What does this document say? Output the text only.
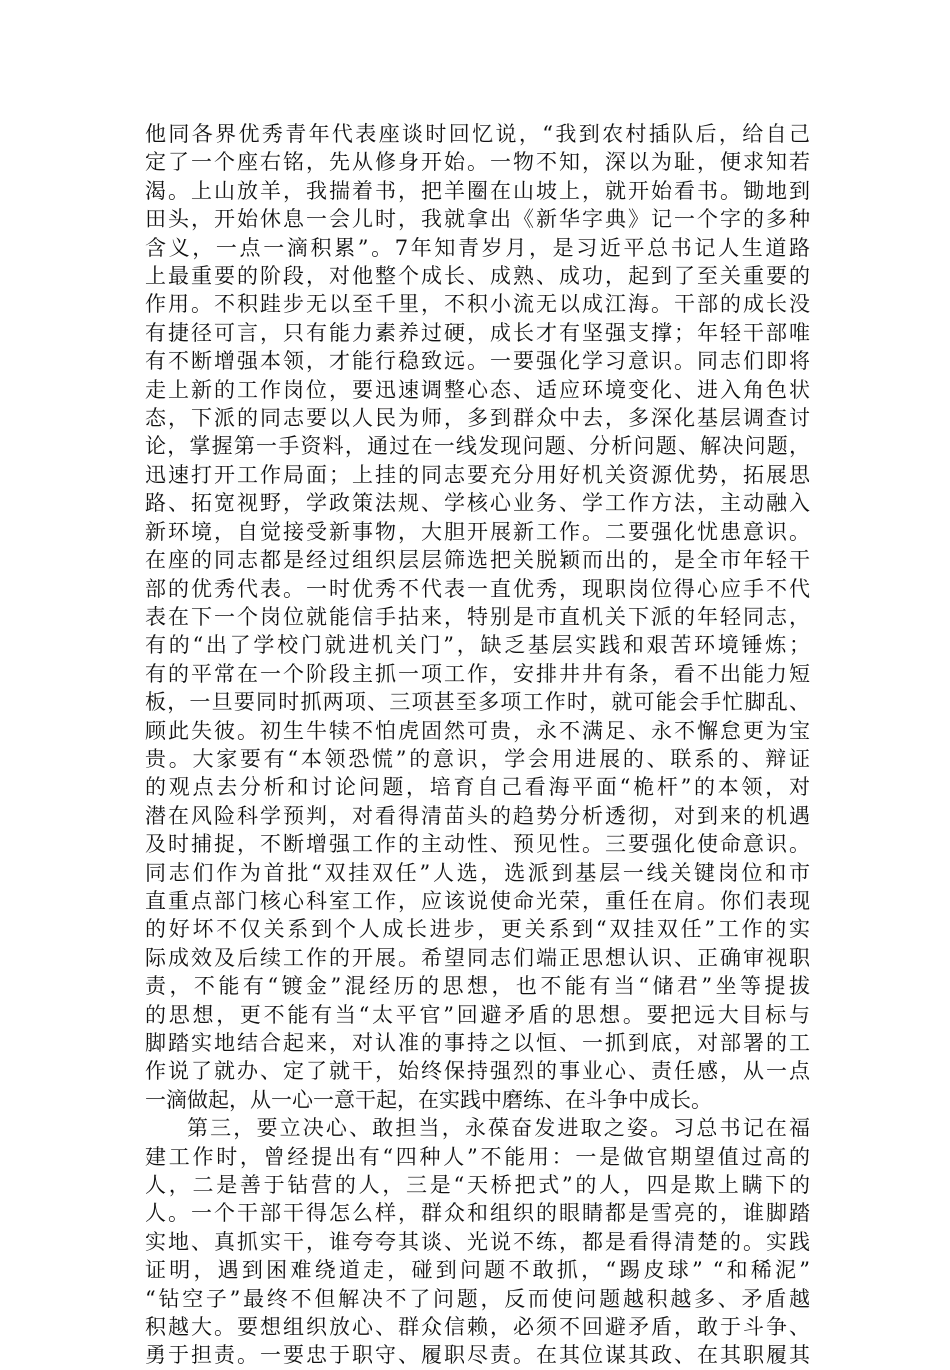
他同各界优秀青年代表座谈时回忆说，“我到农村插队后，给自己
定了一个座右铭，先从修身开始。一物不知，深以为耻，便求知若
渴。上山放羊，我揣着书，把羊圈在山坡上，就开始看书。锄地到
田头，开始休息一会儿时，我就拿出《新华字典》记一个字的多种
含义，一点一滴积累”。7年知青岁月，是习近平总书记人生道路
上最重要的阶段，对他整个成长、成熟、成功，起到了至关重要的
作用。不积跬步无以至千里，不积小流无以成江海。干部的成长没
有捷径可言，只有能力素养过硬，成长才有坚强支撑；年轻干部唯
有不断增强本领，才能行稳致远。一要强化学习意识。同志们即将
走上新的工作岗位，要迅速调整心态、适应环境变化、进入角色状
态，下派的同志要以人民为师，多到群众中去，多深化基层调查讨
论，掌握第一手资料，通过在一线发现问题、分析问题、解决问题，
迅速打开工作局面；上挂的同志要充分用好机关资源优势，拓展思
路、拓宽视野，学政策法规、学核心业务、学工作方法，主动融入
新环境，自觉接受新事物，大胆开展新工作。二要强化忧患意识。
在座的同志都是经过组织层层筛选把关脱颖而出的，是全市年轻干
部的优秀代表。一时优秀不代表一直优秀，现职岗位得心应手不代
表在下一个岗位就能信手拈来，特别是市直机关下派的年轻同志，
有的“出了学校门就进机关门”，缺乏基层实践和艰苦环境锤炼；
有的平常在一个阶段主抓一项工作，安排井井有条，看不出能力短
板，一旦要同时抓两项、三项甚至多项工作时，就可能会手忙脚乱、
顾此失彼。初生牛犊不怕虎固然可贵，永不满足、永不懈怠更为宝
贵。大家要有“本领恐慌”的意识，学会用进展的、联系的、辩证
的观点去分析和讨论问题，培育自己看海平面“桅杆”的本领，对
潜在风险科学预判，对看得清苗头的趋势分析透彻，对到来的机遇
及时捕捉，不断增强工作的主动性、预见性。三要强化使命意识。
同志们作为首批“双挂双任”人选，选派到基层一线关键岗位和市
直重点部门核心科室工作，应该说使命光荣，重任在肩。你们表现
的好坏不仅关系到个人成长进步，更关系到“双挂双任”工作的实
际成效及后续工作的开展。希望同志们端正思想认识、正确审视职
责，不能有“镀金”混经历的思想，也不能有当“储君”坐等提拔
的思想，更不能有当“太平官”回避矛盾的思想。要把远大目标与
脚踏实地结合起来，对认准的事持之以恒、一抓到底，对部署的工
作说了就办、定了就干，始终保持强烈的事业心、责任感，从一点
一滴做起，从一心一意干起，在实践中磨练、在斗争中成长。
第三，要立决心、敢担当，永葆奋发进取之姿。习总书记在福
建工作时，曾经提出有“四种人”不能用：一是做官期望值过高的
人，二是善于钻营的人，三是“天桥把式”的人，四是欺上瞒下的
人。一个干部干得怎么样，群众和组织的眼睛都是雪亮的，谁脚踏
实地、真抓实干，谁夸夸其谈、光说不练，都是看得清楚的。实践
证明，遇到困难绕道走，碰到问题不敢抓，“踢皮球” “和稀泥”
“钻空子”最终不但解决不了问题，反而使问题越积越多、矛盾越
积越大。要想组织放心、群众信赖，必须不回避矛盾，敢于斗争、
勇于担责。一要忠于职守、履职尽责。在其位谋其政、在其职履其
